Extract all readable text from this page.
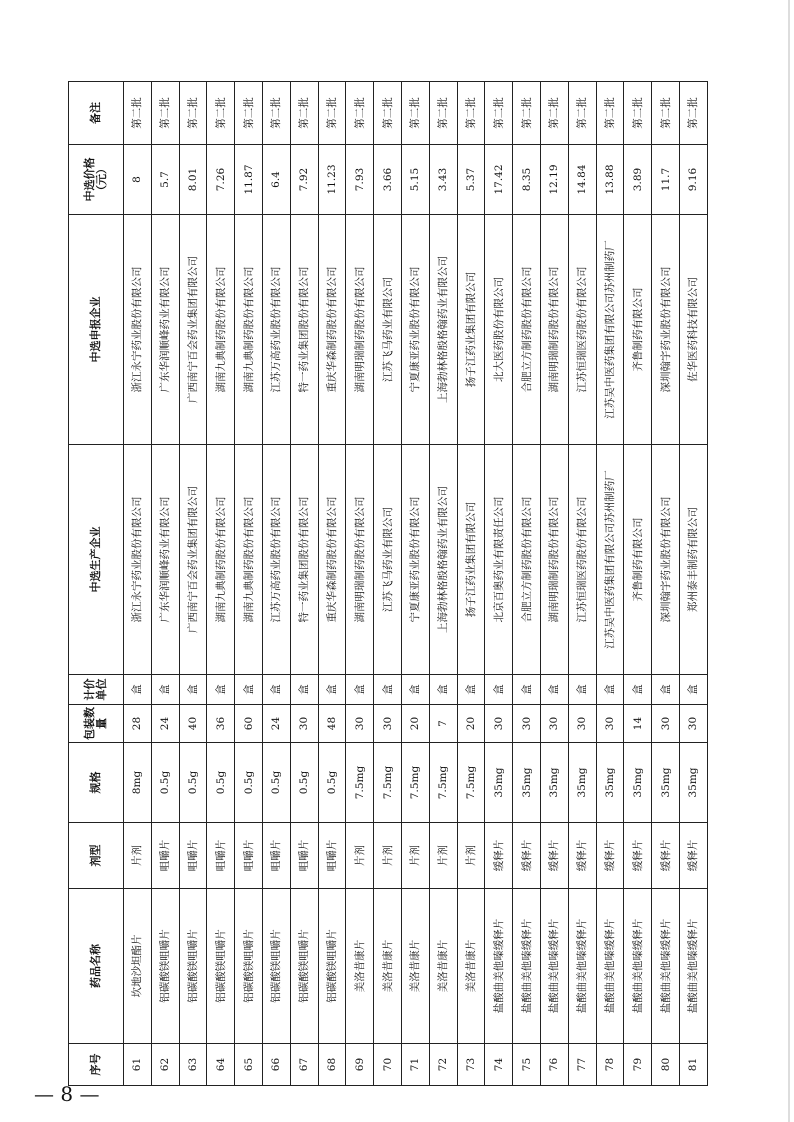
序号	药品名称	剂型	规格	包装数量	计价单位	中选生产企业	中选申报企业	中选价格（元）	备注
61	坎地沙坦酯片	片剂	8mg	28	盒	浙江永宁药业股份有限公司	浙江永宁药业股份有限公司	8	第二批
62	铝碳酸镁咀嚼片	咀嚼片	0.5g	24	盒	广东华润顺峰药业有限公司	广东华润顺峰药业有限公司	5.7	第二批
63	铝碳酸镁咀嚼片	咀嚼片	0.5g	40	盒	广西南宁百会药业集团有限公司	广西南宁百会药业集团有限公司	8.01	第二批
64	铝碳酸镁咀嚼片	咀嚼片	0.5g	36	盒	湖南九典制药股份有限公司	湖南九典制药股份有限公司	7.26	第二批
65	铝碳酸镁咀嚼片	咀嚼片	0.5g	60	盒	湖南九典制药股份有限公司	湖南九典制药股份有限公司	11.87	第二批
66	铝碳酸镁咀嚼片	咀嚼片	0.5g	24	盒	江苏万高药业股份有限公司	江苏万高药业股份有限公司	6.4	第二批
67	铝碳酸镁咀嚼片	咀嚼片	0.5g	30	盒	特一药业集团股份有限公司	特一药业集团股份有限公司	7.92	第二批
68	铝碳酸镁咀嚼片	咀嚼片	0.5g	48	盒	重庆华森制药股份有限公司	重庆华森制药股份有限公司	11.23	第二批
69	美洛昔康片	片剂	7.5mg	30	盒	湖南明瑞制药股份有限公司	湖南明瑞制药股份有限公司	7.93	第二批
70	美洛昔康片	片剂	7.5mg	30	盒	江苏飞马药业有限公司	江苏飞马药业有限公司	3.66	第二批
71	美洛昔康片	片剂	7.5mg	20	盒	宁夏康亚药业股份有限公司	宁夏康亚药业股份有限公司	5.15	第二批
72	美洛昔康片	片剂	7.5mg	7	盒	上海勃林格殷格翰药业有限公司	上海勃林格殷格翰药业有限公司	3.43	第二批
73	美洛昔康片	片剂	7.5mg	20	盒	扬子江药业集团有限公司	扬子江药业集团有限公司	5.37	第二批
74	盐酸曲美他嗪缓释片	缓释片	35mg	30	盒	北京百奥药业有限责任公司	北大医药股份有限公司	17.42	第二批
75	盐酸曲美他嗪缓释片	缓释片	35mg	30	盒	合肥立方制药股份有限公司	合肥立方制药股份有限公司	8.35	第二批
76	盐酸曲美他嗪缓释片	缓释片	35mg	30	盒	湖南明瑞制药股份有限公司	湖南明瑞制药股份有限公司	12.19	第二批
77	盐酸曲美他嗪缓释片	缓释片	35mg	30	盒	江苏恒瑞医药股份有限公司	江苏恒瑞医药股份有限公司	14.84	第二批
78	盐酸曲美他嗪缓释片	缓释片	35mg	30	盒	江苏吴中医药集团有限公司苏州制药厂	江苏吴中医药集团有限公司苏州制药厂	13.88	第二批
79	盐酸曲美他嗪缓释片	缓释片	35mg	14	盒	齐鲁制药有限公司	齐鲁制药有限公司	3.89	第二批
80	盐酸曲美他嗪缓释片	缓释片	35mg	30	盒	深圳翰宇药业股份有限公司	深圳翰宇药业股份有限公司	11.7	第二批
81	盐酸曲美他嗪缓释片	缓释片	35mg	30	盒	郑州泰丰制药有限公司	佐华医药科技有限公司	9.16	第二批
— 8 —
